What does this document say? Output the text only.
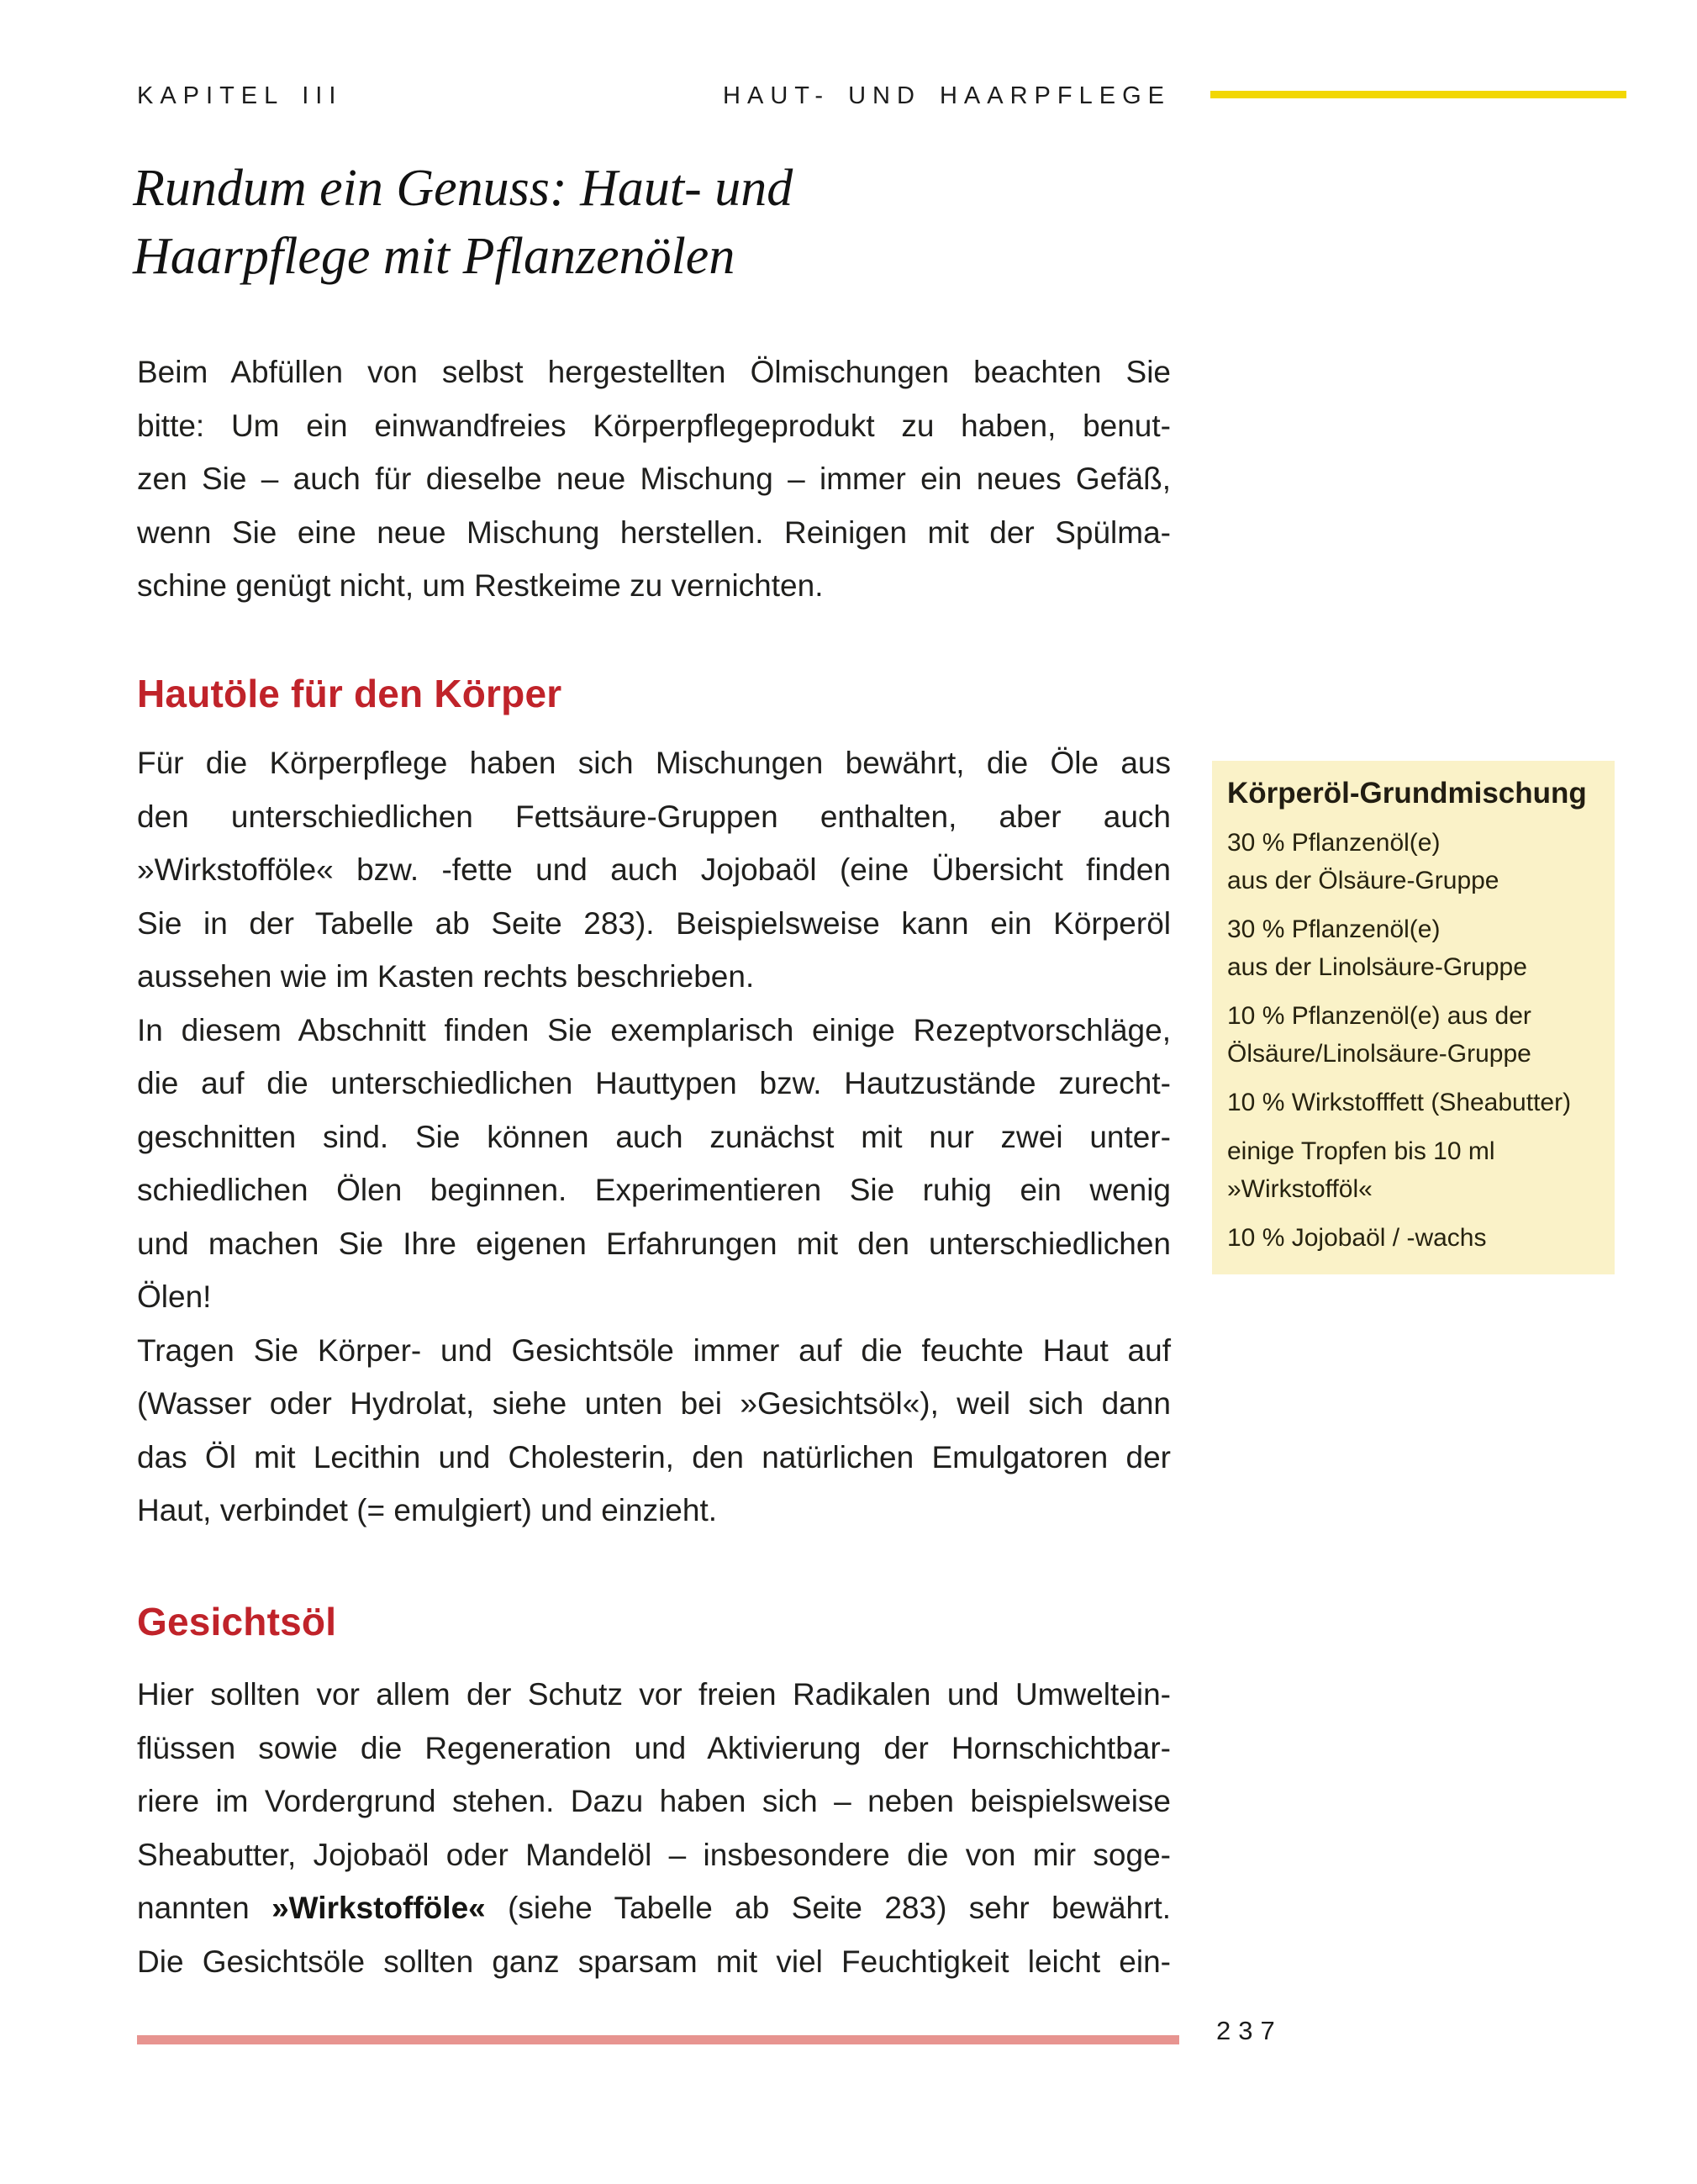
KAPITEL III	HAUT- UND HAARPFLEGE
Rundum ein Genuss: Haut- und
Haarpflege mit Pflanzenölen
Beim Abfüllen von selbst hergestellten Ölmischungen beachten Sie
bitte: Um ein einwandfreies Körperpflegeprodukt zu haben, benut-
zen Sie – auch für dieselbe neue Mischung – immer ein neues Gefäß,
wenn Sie eine neue Mischung herstellen. Reinigen mit der Spülma-
schine genügt nicht, um Restkeime zu vernichten.
Hautöle für den Körper
Für die Körperpflege haben sich Mischungen bewährt, die Öle aus
den unterschiedlichen Fettsäure-Gruppen enthalten, aber auch
»Wirkstofföle« bzw. -fette und auch Jojobaöl (eine Übersicht finden
Sie in der Tabelle ab Seite 283). Beispielsweise kann ein Körperöl
aussehen wie im Kasten rechts beschrieben.
In diesem Abschnitt finden Sie exemplarisch einige Rezeptvorschläge,
die auf die unterschiedlichen Hauttypen bzw. Hautzustände zurecht-
geschnitten sind. Sie können auch zunächst mit nur zwei unter-
schiedlichen Ölen beginnen. Experimentieren Sie ruhig ein wenig
und machen Sie Ihre eigenen Erfahrungen mit den unterschiedlichen
Ölen!
Tragen Sie Körper- und Gesichtsöle immer auf die feuchte Haut auf
(Wasser oder Hydrolat, siehe unten bei »Gesichtsöl«), weil sich dann
das Öl mit Lecithin und Cholesterin, den natürlichen Emulgatoren der
Haut, verbindet (= emulgiert) und einzieht.
Körperöl-Grundmischung
30 % Pflanzenöl(e)
aus der Ölsäure-Gruppe
30 % Pflanzenöl(e)
aus der Linolsäure-Gruppe
10 % Pflanzenöl(e) aus der
Ölsäure/Linolsäure-Gruppe
10 % Wirkstofffett (Sheabutter)
einige Tropfen bis 10 ml
»Wirkstofföl«
10 % Jojobaöl / -wachs
Gesichtsöl
Hier sollten vor allem der Schutz vor freien Radikalen und Umweltein-
flüssen sowie die Regeneration und Aktivierung der Hornschichtbar-
riere im Vordergrund stehen. Dazu haben sich – neben beispielsweise
Sheabutter, Jojobaöl oder Mandelöl – insbesondere die von mir soge-
nannten »Wirkstofföle« (siehe Tabelle ab Seite 283) sehr bewährt.
Die Gesichtsöle sollten ganz sparsam mit viel Feuchtigkeit leicht ein-
237
